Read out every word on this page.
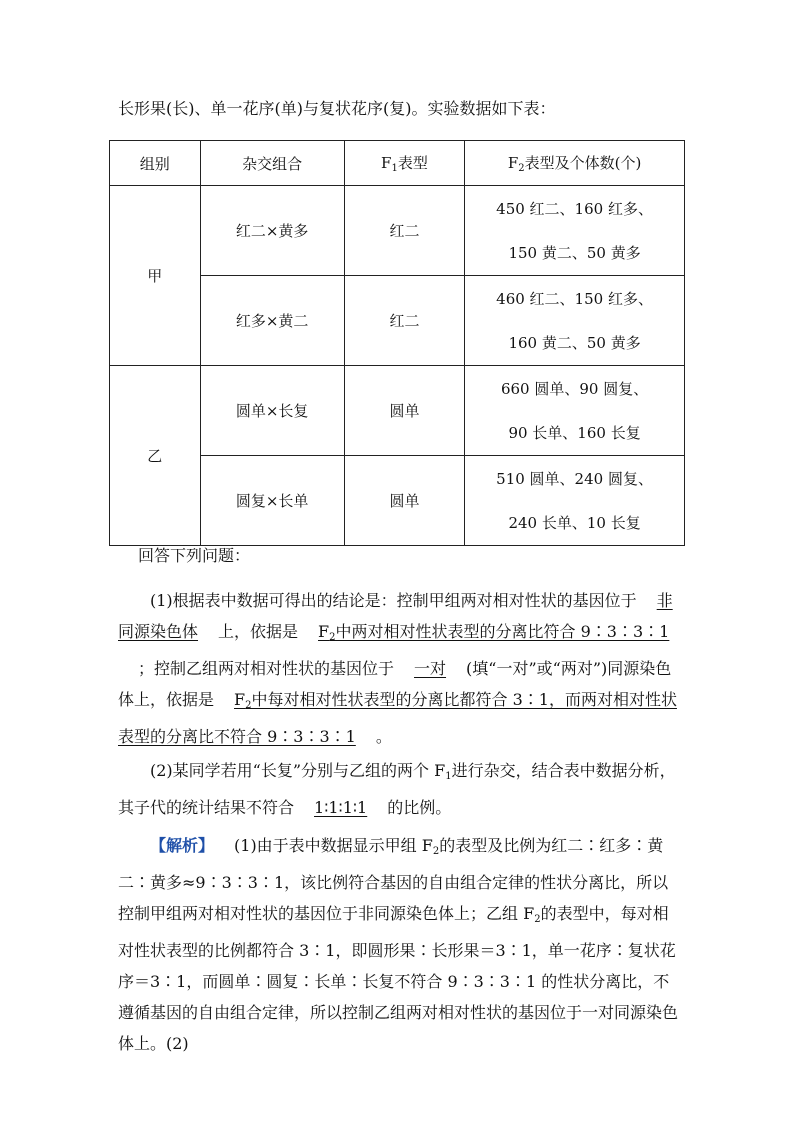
长形果(长)、单一花序(单)与复状花序(复)。实验数据如下表：
组别	杂交组合	$F_1$表型	$F_2$表型及个体数(个)
甲	红二×黄多	红二	450 红二、160 红多、
150 黄二、50 黄多

	红多×黄二	红二	460 红二、150 红多、
160 黄二、50 黄多

乙	圆单×长复	圆单	660 圆单、90 圆复、
90 长单、160 长复

	圆复×长单	圆单	510 圆单、240 圆复、
240 长单、10 长复
回答下列问题：
(1)根据表中数据可得出的结论是：控制甲组两对相对性状的基因位于 非同源染色体 上，依据是 $F_2$中两对相对性状表型的分离比符合 9∶3∶3∶1；控制乙组两对相对性状的基因位于 一对 (填“一对”或“两对”)同源染色体上，依据是 $F_2$中每对相对性状表型的分离比都符合 3∶1，而两对相对性状表型的分离比不符合 9∶3∶3∶1 。
(2)某同学若用“长复”分别与乙组的两个 $F_1$进行杂交，结合表中数据分析，其子代的统计结果不符合 1∶1∶1∶1 的比例。
【解析】 (1)由于表中数据显示甲组 $F_2$的表型及比例为红二∶红多∶黄二∶黄多≈9∶3∶3∶1，该比例符合基因的自由组合定律的性状分离比，所以控制甲组两对相对性状的基因位于非同源染色体上；乙组 $F_2$的表型中，每对相对性状表型的比例都符合 3∶1，即圆形果∶长形果＝3∶1，单一花序∶复状花序＝3∶1，而圆单∶圆复∶长单∶长复不符合 9∶3∶3∶1 的性状分离比，不遵循基因的自由组合定律，所以控制乙组两对相对性状的基因位于一对同源染色体上。(2)
